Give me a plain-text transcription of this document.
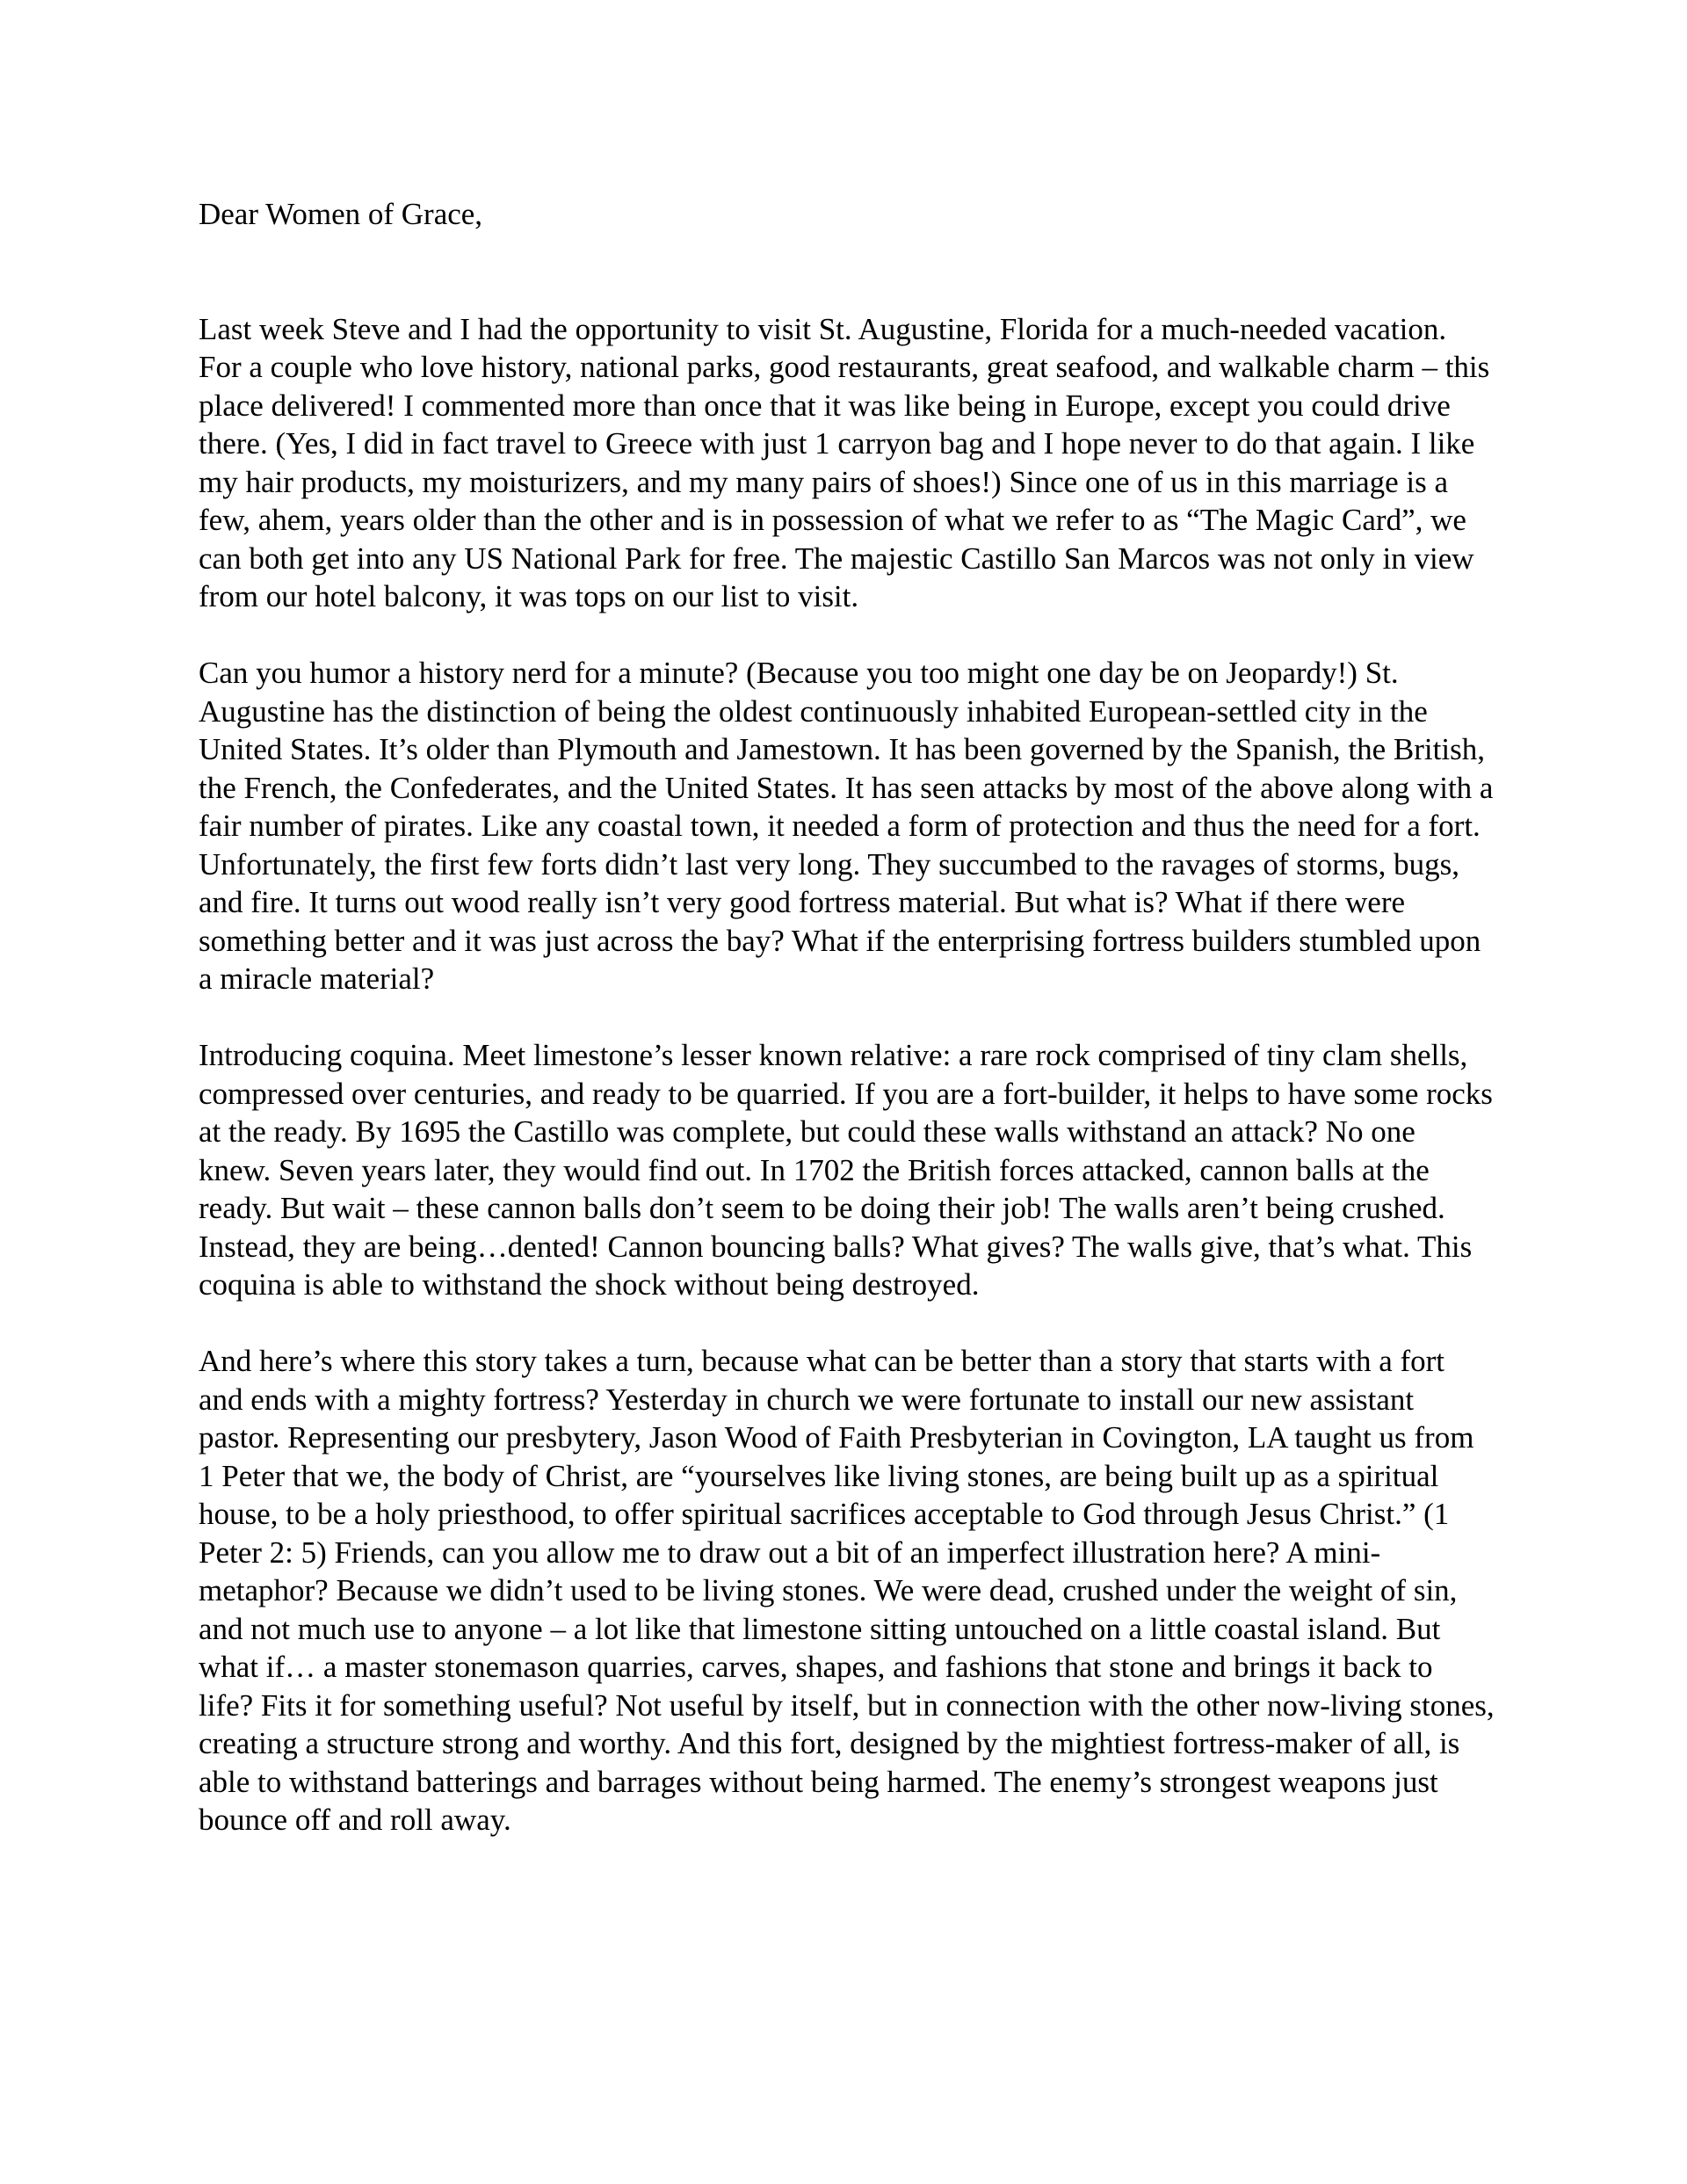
Dear Women of Grace,

Last week Steve and I had the opportunity to visit St. Augustine, Florida for a much-needed vacation. For a couple who love history, national parks, good restaurants, great seafood, and walkable charm – this place delivered! I commented more than once that it was like being in Europe, except you could drive there. (Yes, I did in fact travel to Greece with just 1 carryon bag and I hope never to do that again. I like my hair products, my moisturizers, and my many pairs of shoes!) Since one of us in this marriage is a few, ahem, years older than the other and is in possession of what we refer to as “The Magic Card”, we can both get into any US National Park for free. The majestic Castillo San Marcos was not only in view from our hotel balcony, it was tops on our list to visit.

Can you humor a history nerd for a minute? (Because you too might one day be on Jeopardy!) St. Augustine has the distinction of being the oldest continuously inhabited European-settled city in the United States. It’s older than Plymouth and Jamestown. It has been governed by the Spanish, the British, the French, the Confederates, and the United States. It has seen attacks by most of the above along with a fair number of pirates. Like any coastal town, it needed a form of protection and thus the need for a fort. Unfortunately, the first few forts didn’t last very long. They succumbed to the ravages of storms, bugs, and fire. It turns out wood really isn’t very good fortress material. But what is? What if there were something better and it was just across the bay? What if the enterprising fortress builders stumbled upon a miracle material?

Introducing coquina. Meet limestone’s lesser known relative: a rare rock comprised of tiny clam shells, compressed over centuries, and ready to be quarried. If you are a fort-builder, it helps to have some rocks at the ready. By 1695 the Castillo was complete, but could these walls withstand an attack? No one knew. Seven years later, they would find out. In 1702 the British forces attacked, cannon balls at the ready. But wait – these cannon balls don’t seem to be doing their job! The walls aren’t being crushed. Instead, they are being…dented! Cannon bouncing balls? What gives? The walls give, that’s what. This coquina is able to withstand the shock without being destroyed.

And here’s where this story takes a turn, because what can be better than a story that starts with a fort and ends with a mighty fortress? Yesterday in church we were fortunate to install our new assistant pastor. Representing our presbytery, Jason Wood of Faith Presbyterian in Covington, LA taught us from 1 Peter that we, the body of Christ, are “yourselves like living stones, are being built up as a spiritual house, to be a holy priesthood, to offer spiritual sacrifices acceptable to God through Jesus Christ.” (1 Peter 2: 5) Friends, can you allow me to draw out a bit of an imperfect illustration here? A mini-metaphor? Because we didn’t used to be living stones. We were dead, crushed under the weight of sin, and not much use to anyone – a lot like that limestone sitting untouched on a little coastal island. But what if… a master stonemason quarries, carves, shapes, and fashions that stone and brings it back to life? Fits it for something useful? Not useful by itself, but in connection with the other now-living stones, creating a structure strong and worthy. And this fort, designed by the mightiest fortress-maker of all, is able to withstand batterings and barrages without being harmed. The enemy’s strongest weapons just bounce off and roll away.
